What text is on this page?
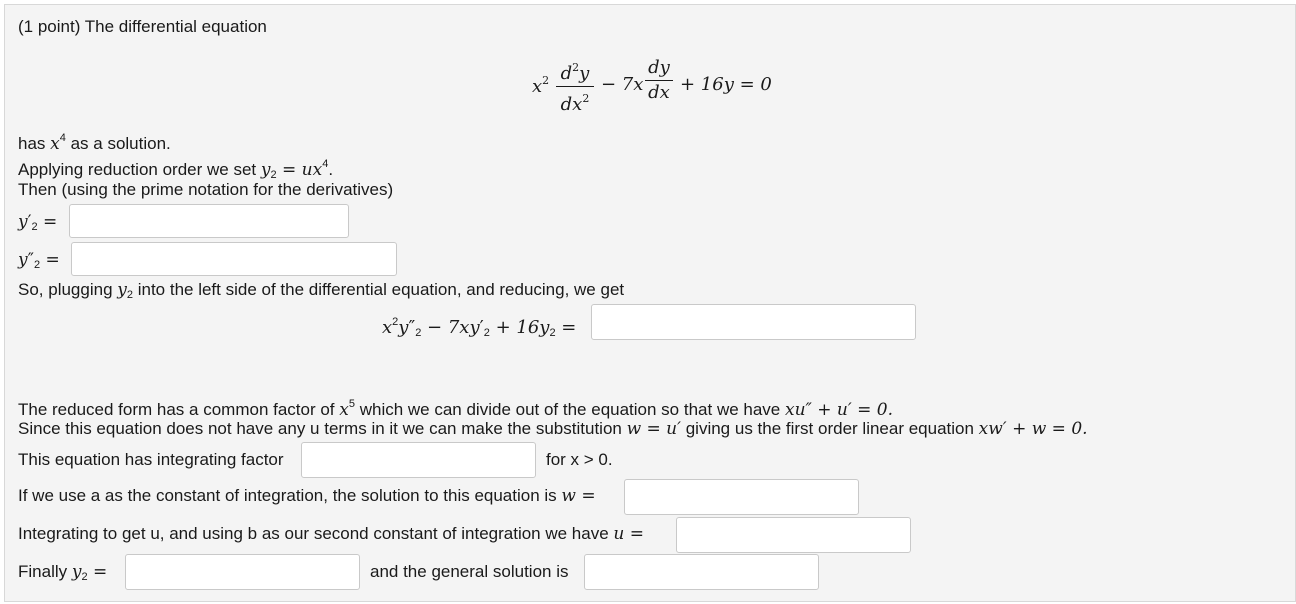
(1 point) The differential equation
$x^2$ $d^2y$
$dx^2$
− 7x
dy
dx + 16y = 0
has $x^4$ as a solution.
Applying reduction order we set $y_2 = ux^4$.
Then (using the prime notation for the derivatives)
$y'_2$ =
$y''_2$ =
So, plugging $y_2$ into the left side of the differential equation, and reducing, we get
$x^2y''_2 - 7xy'_2 + 16y_2$ =
The reduced form has a common factor of $x^5$ which we can divide out of the equation so that we have xu″ + u′ = 0.
Since this equation does not have any u terms in it we can make the substitution w = u′ giving us the first order linear equation xw′ + w = 0.
This equation has integrating factor	for x > 0.
If we use a as the constant of integration, the solution to this equation is w =
Integrating to get u, and using b as our second constant of integration we have u =
Finally $y_2$ =	and the general solution is
